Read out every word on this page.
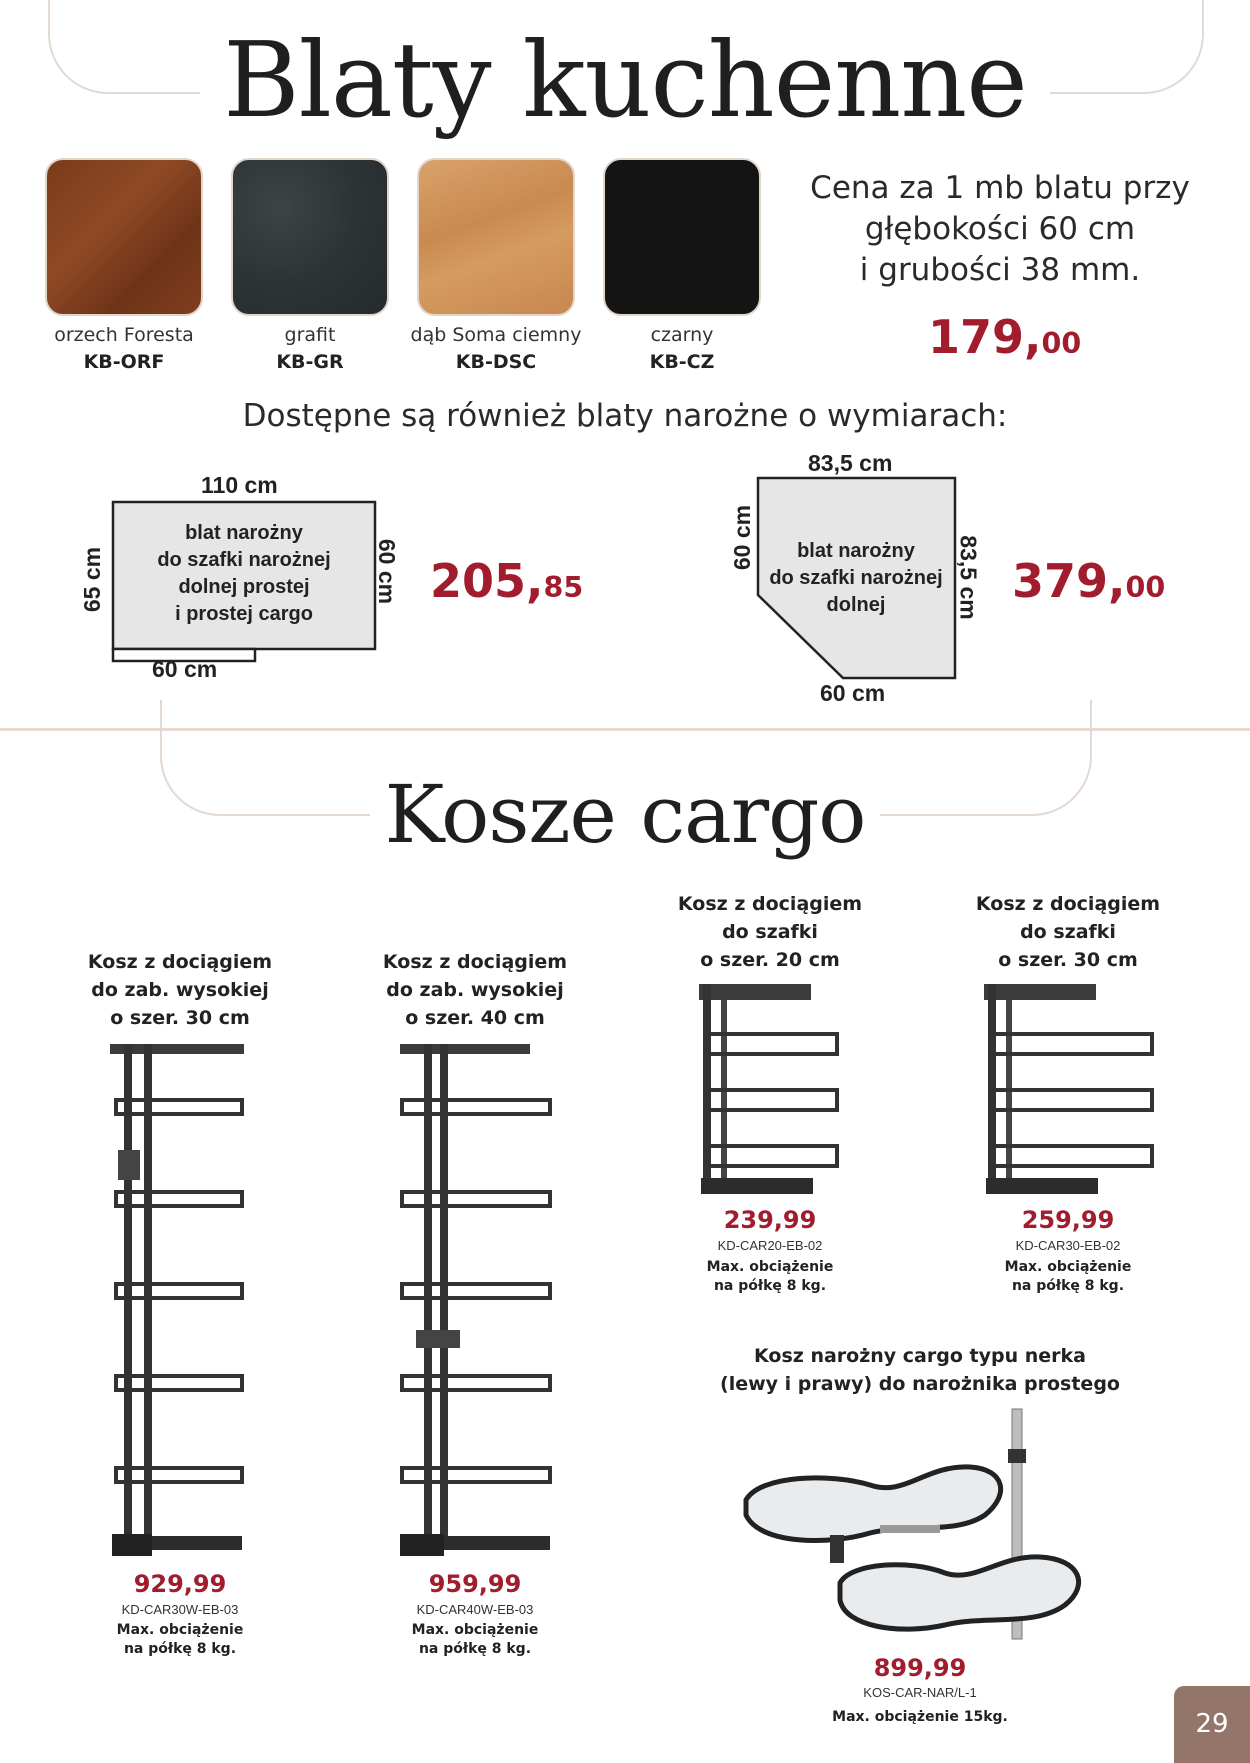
Blaty kuchenne
orzech Foresta
KB-ORF
grafit
KB-GR
dąb Soma ciemny
KB-DSC
czarny
KB-CZ
Cena za 1 mb blatu przy
głębokości 60 cm
i grubości 38 mm.
179,00
Dostępne są również blaty narożne o wymiarach:
110 cm
60 cm
65 cm	60 cm
blat narożny
do szafki narożnej
dolnej prostej
i prostej cargo
205,85
83,5 cm
60 cm
60 cm	83,5 cm
blat narożny
do szafki narożnej
dolnej	379,00
Kosze cargo
Kosz z dociągiem
do zab. wysokiej
o szer. 30 cm
929,99
KD-CAR30W-EB-03
Max. obciążenie
na półkę 8 kg.
Kosz z dociągiem
do zab. wysokiej
o szer. 40 cm
959,99
KD-CAR40W-EB-03
Max. obciążenie
na półkę 8 kg.
Kosz z dociągiem
do szafki
o szer. 20 cm
239,99
KD-CAR20-EB-02
Max. obciążenie
na półkę 8 kg.
Kosz z dociągiem
do szafki
o szer. 30 cm
259,99
KD-CAR30-EB-02
Max. obciążenie
na półkę 8 kg.
Kosz narożny cargo typu nerka
(lewy i prawy) do narożnika prostego
899,99
KOS-CAR-NAR/L-1
Max. obciążenie 15kg.	29
